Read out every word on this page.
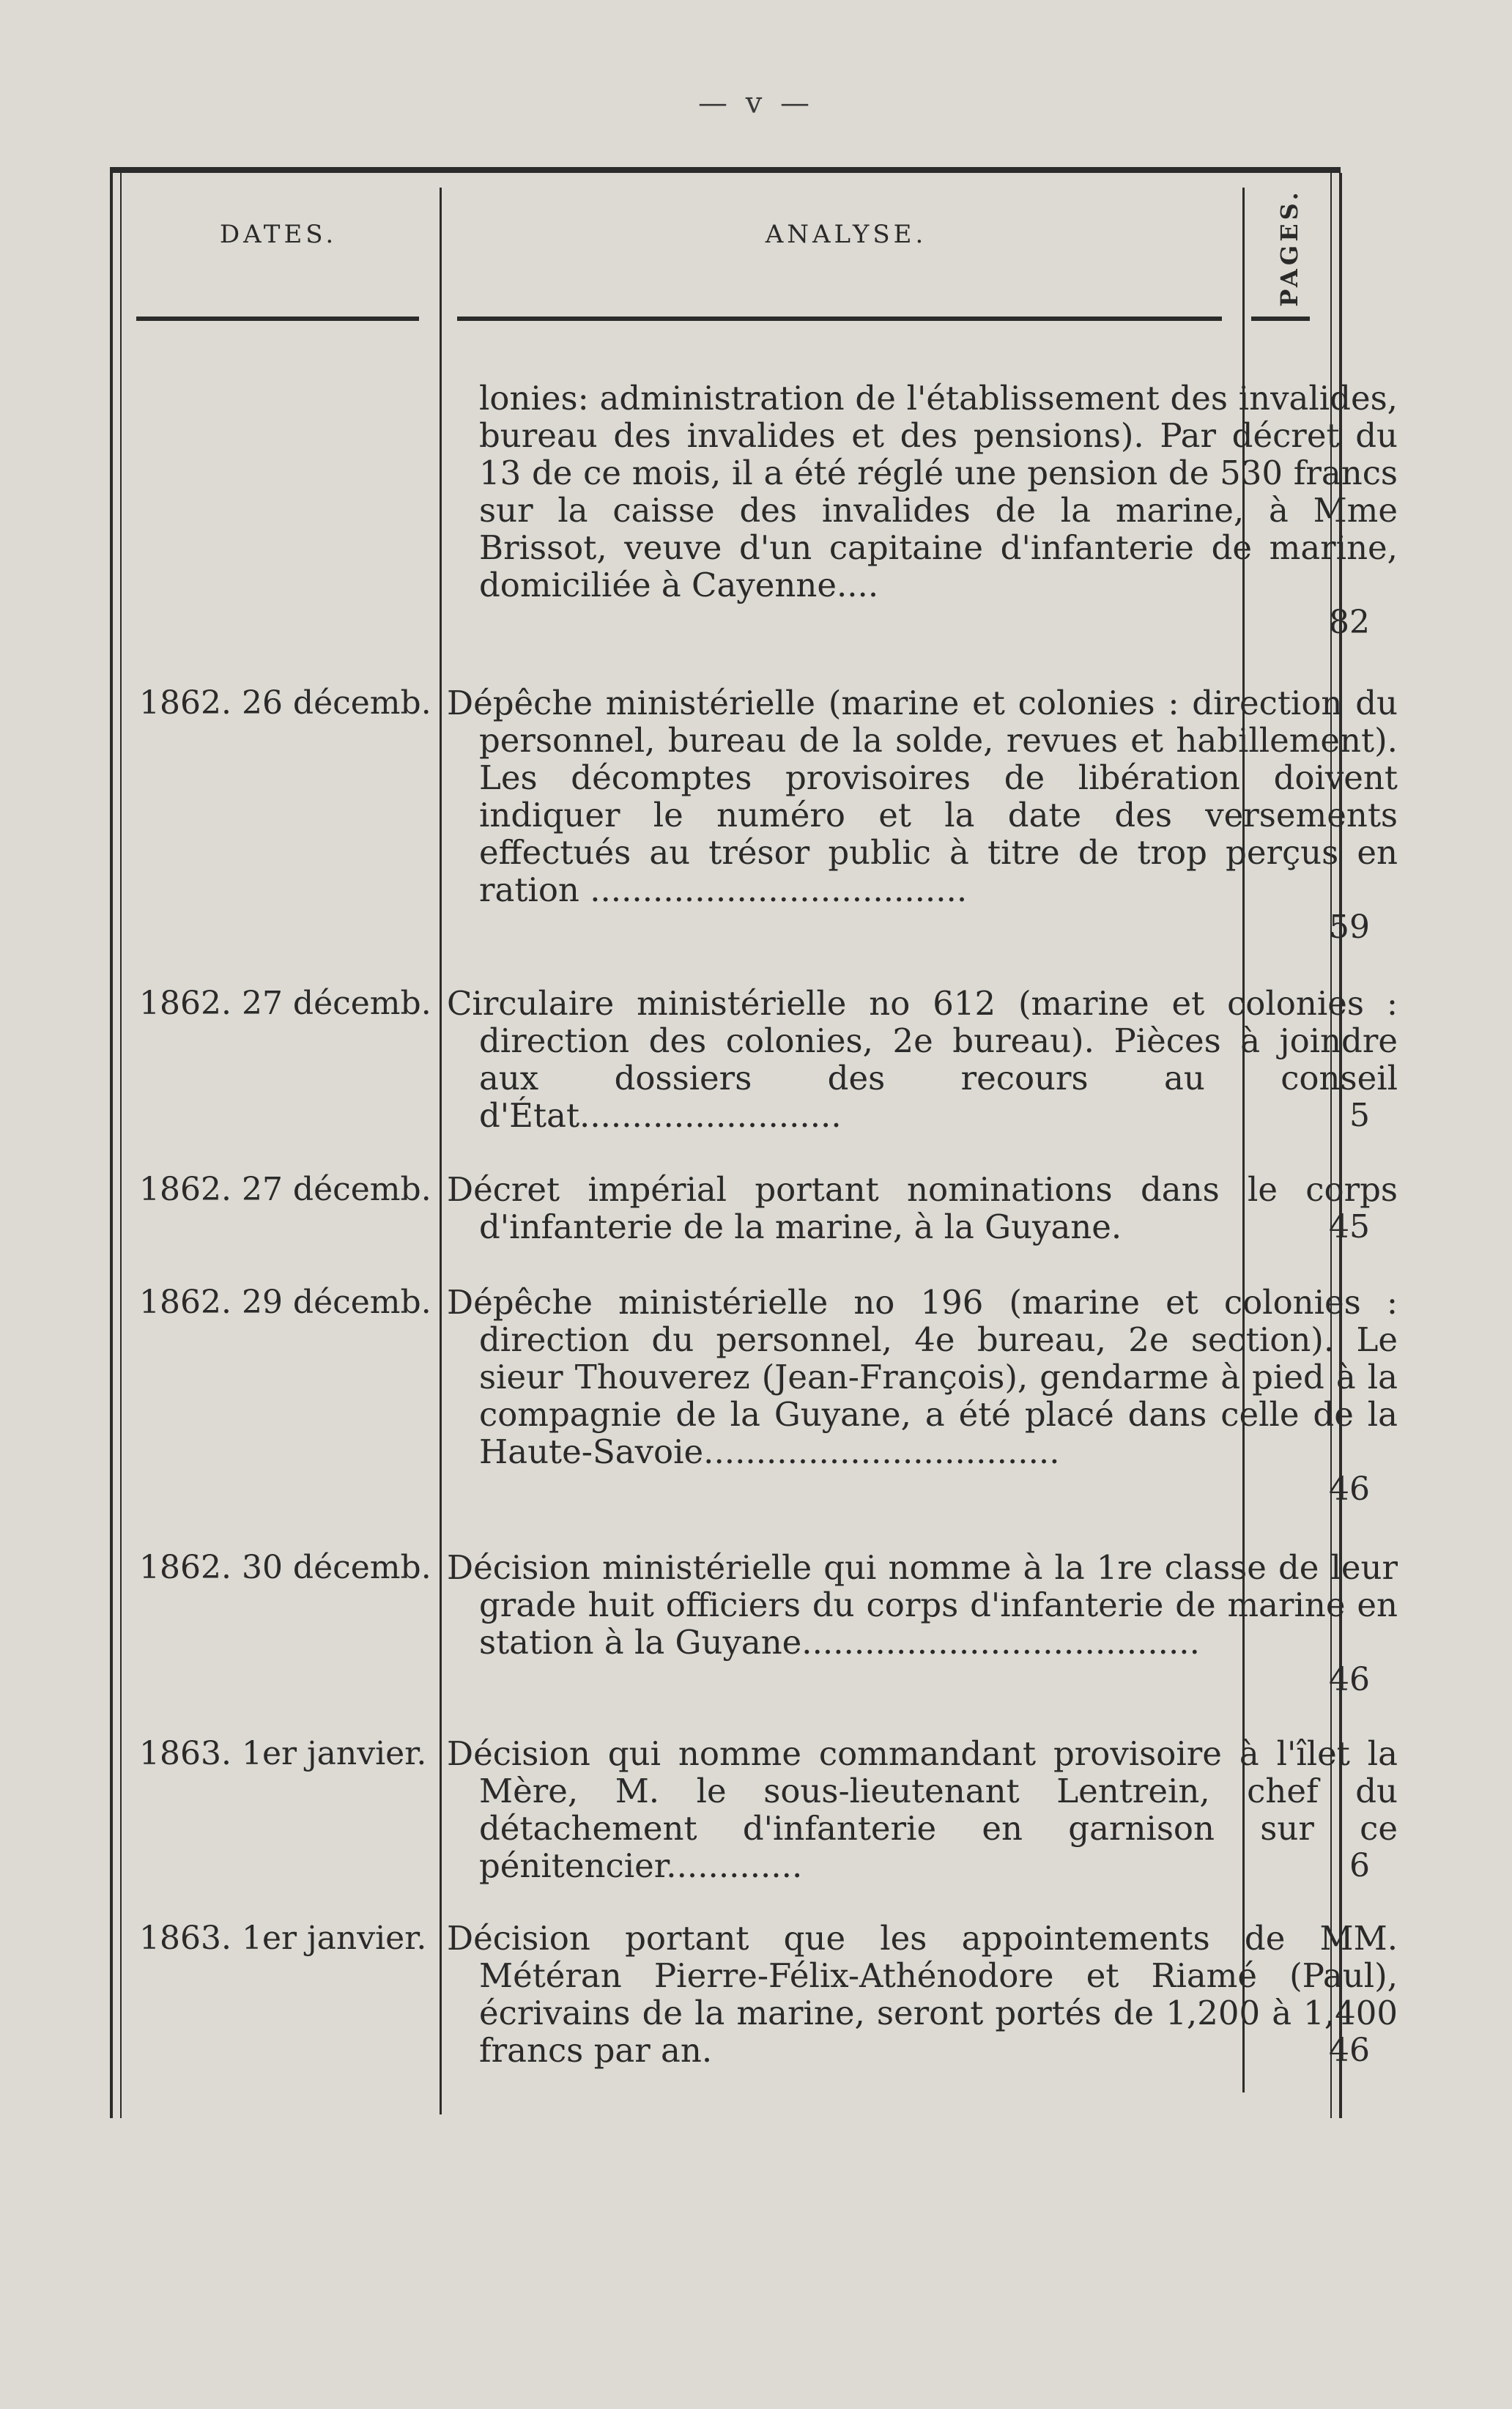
— v —
DATES.	ANALYSE.	PAGES.
lonies: administration de l'établissement des invalides, bureau des invalides et des pensions). Par décret du 13 de ce mois, il a été réglé une pension de 530 francs sur la caisse des invalides de la marine, à Mme Brissot, veuve d'un capitaine d'infanterie de marine, domiciliée à Cayenne....
82
1862. 26 décemb. Dépêche ministérielle (marine et colonies : direction du personnel, bureau de la solde, revues et habillement). Les décomptes provisoires de libération doivent indiquer le numéro et la date des versements effectués au trésor public à titre de trop perçus en ration ....................................
59
1862. 27 décemb. Circulaire ministérielle no 612 (marine et colonies : direction des colonies, 2e bureau). Pièces à joindre aux dossiers des recours au conseil d'État.........................	5
1862. 27 décemb. Décret impérial portant nominations dans le corps d'infanterie de la marine, à la Guyane.	45
1862. 29 décemb. Dépêche ministérielle no 196 (marine et colonies : direction du personnel, 4e bureau, 2e section). Le sieur Thouverez (Jean-François), gendarme à pied à la compagnie de la Guyane, a été placé dans celle de la Haute-Savoie..................................
46
1862. 30 décemb. Décision ministérielle qui nomme à la 1re classe de leur grade huit officiers du corps d'infanterie de marine en station à la Guyane......................................
46
1863. 1er janvier. Décision qui nomme commandant provisoire à l'îlet la Mère, M. le sous-lieutenant Lentrein, chef du détachement d'infanterie en garnison sur ce pénitencier.............	6
1863. 1er janvier. Décision portant que les appointements de MM. Météran Pierre-Félix-Athénodore et Riamé (Paul), écrivains de la marine, seront portés de 1,200 à 1,400 francs par an.	46
